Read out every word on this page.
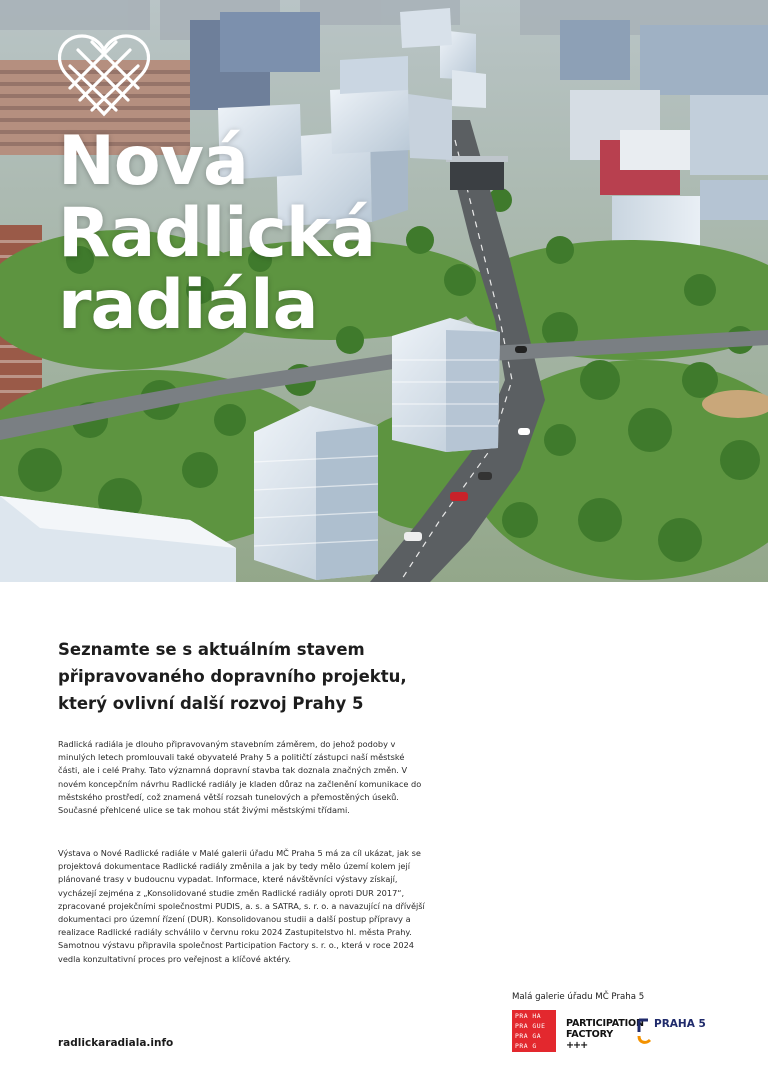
Nová
Radlická
radiála
Seznamte se s aktuálním stavem
připravovaného dopravního projektu,
který ovlivní další rozvoj Prahy 5

Radlická radiála je dlouho připravovaným stavebním záměrem, do jehož podoby v minulých letech promlouvali také obyvatelé Prahy 5 a političtí zástupci naší městské části, ale i celé Prahy. Tato významná dopravní stavba tak doznala značných změn. V novém koncepčním návrhu Radlické radiály je kladen důraz na začlenění komunikace do městského prostředí, což znamená větší rozsah tunelových a přemostěných úseků. Současné přehlcené ulice se tak mohou stát živými městskými třídami.

Výstava o Nové Radlické radiále v Malé galerii úřadu MČ Praha 5 má za cíl ukázat, jak se projektová dokumentace Radlické radiály změnila a jak by tedy mělo území kolem její plánované trasy v budoucnu vypadat. Informace, které návštěvníci výstavy získají, vycházejí zejména z „Konsolidované studie změn Radlické radiály oproti DUR 2017“, zpracované projekčními společnostmi PUDIS, a. s. a SATRA, s. r. o. a navazující na dřívější dokumentaci pro územní řízení (DUR). Konsolidovanou studii a další postup přípravy a realizace Radlické radiály schválilo v červnu roku 2024 Zastupitelstvo hl. města Prahy. Samotnou výstavu připravila společnost Participation Factory s. r. o., která v roce 2024 vedla konzultativní proces pro veřejnost a klíčové aktéry.

radlickaradiala.info
Malá galerie úřadu MČ Praha 5
PRA HA
PRA GUE
PRA GA
PRA G
PARTICIPATION
FACTORY
+++
PRAHA 5
